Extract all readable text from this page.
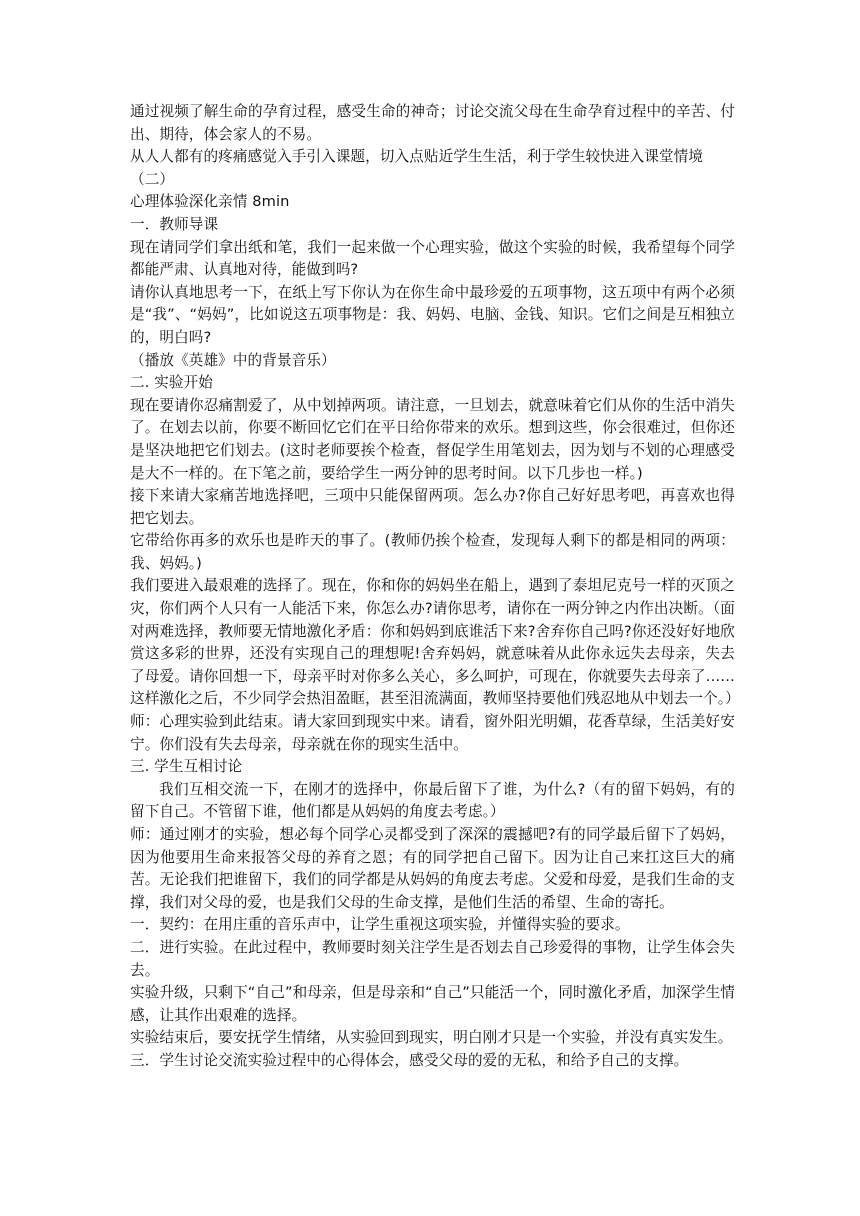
通过视频了解生命的孕育过程，感受生命的神奇；讨论交流父母在生命孕育过程中的辛苦、付出、期待，体会家人的不易。

从人人都有的疼痛感觉入手引入课题，切入点贴近学生生活，利于学生较快进入课堂情境

（二）

心理体验深化亲情 8min

一．教师导课

现在请同学们拿出纸和笔，我们一起来做一个心理实验，做这个实验的时候，我希望每个同学都能严肃、认真地对待，能做到吗?

请你认真地思考一下，在纸上写下你认为在你生命中最珍爱的五项事物，这五项中有两个必须是“我”、“妈妈”，比如说这五项事物是：我、妈妈、电脑、金钱、知识。它们之间是互相独立的，明白吗?

（播放《英雄》中的背景音乐）

二. 实验开始

现在要请你忍痛割爱了，从中划掉两项。请注意，一旦划去，就意味着它们从你的生活中消失了。在划去以前，你要不断回忆它们在平日给你带来的欢乐。想到这些，你会很难过，但你还是坚决地把它们划去。(这时老师要挨个检查，督促学生用笔划去，因为划与不划的心理感受是大不一样的。在下笔之前，要给学生一两分钟的思考时间。以下几步也一样。)

接下来请大家痛苦地选择吧，三项中只能保留两项。怎么办?你自己好好思考吧，再喜欢也得把它划去。

它带给你再多的欢乐也是昨天的事了。(教师仍挨个检查，发现每人剩下的都是相同的两项：我、妈妈。)

我们要进入最艰难的选择了。现在，你和你的妈妈坐在船上，遇到了泰坦尼克号一样的灭顶之灾，你们两个人只有一人能活下来，你怎么办?请你思考，请你在一两分钟之内作出决断。（面对两难选择，教师要无情地激化矛盾：你和妈妈到底谁活下来?舍弃你自己吗?你还没好好地欣赏这多彩的世界，还没有实现自己的理想呢!舍弃妈妈，就意味着从此你永远失去母亲，失去了母爱。请你回想一下，母亲平时对你多么关心，多么呵护，可现在，你就要失去母亲了……这样激化之后，不少同学会热泪盈眶，甚至泪流满面，教师坚持要他们残忍地从中划去一个。）

师：心理实验到此结束。请大家回到现实中来。请看，窗外阳光明媚，花香草绿，生活美好安宁。你们没有失去母亲，母亲就在你的现实生活中。

三. 学生互相讨论

我们互相交流一下，在刚才的选择中，你最后留下了谁，为什么?（有的留下妈妈，有的留下自己。不管留下谁，他们都是从妈妈的角度去考虑。）

师：通过刚才的实验，想必每个同学心灵都受到了深深的震撼吧?有的同学最后留下了妈妈，因为他要用生命来报答父母的养育之恩；有的同学把自己留下。因为让自己来扛这巨大的痛苦。无论我们把谁留下，我们的同学都是从妈妈的角度去考虑。父爱和母爱，是我们生命的支撑，我们对父母的爱，也是我们父母的生命支撑，是他们生活的希望、生命的寄托。

一．契约：在用庄重的音乐声中，让学生重视这项实验，并懂得实验的要求。

二．进行实验。在此过程中，教师要时刻关注学生是否划去自己珍爱得的事物，让学生体会失去。

实验升级，只剩下“自己”和母亲，但是母亲和“自己”只能活一个，同时激化矛盾，加深学生情感，让其作出艰难的选择。

实验结束后，要安抚学生情绪，从实验回到现实，明白刚才只是一个实验，并没有真实发生。

三．学生讨论交流实验过程中的心得体会，感受父母的爱的无私，和给予自己的支撑。
